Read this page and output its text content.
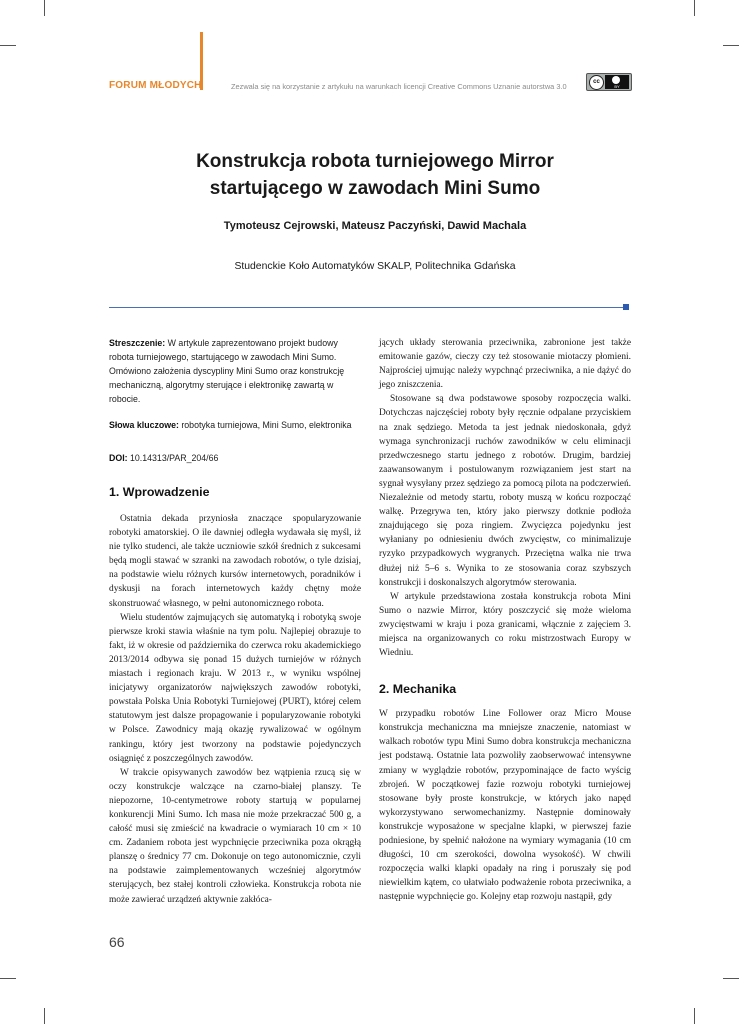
FORUM MŁODYCH	Zezwala się na korzystanie z artykułu na warunkach licencji Creative Commons Uznanie autorstwa 3.0	cc
BY
Konstrukcja robota turniejowego Mirror
startującego w zawodach Mini Sumo
Tymoteusz Cejrowski, Mateusz Paczyński, Dawid Machala
Studenckie Koło Automatyków SKALP, Politechnika Gdańska

Streszczenie: W artykule zaprezentowano projekt budowy robota turniejowego, startującego w zawodach Mini Sumo. Omówiono założenia dyscypliny Mini Sumo oraz konstrukcję mechaniczną, algorytmy sterujące i elektronikę zawartą w robocie.

Słowa kluczowe: robotyka turniejowa, Mini Sumo, elektronika

DOI: 10.14313/PAR_204/66

1. Wprowadzenie

Ostatnia dekada przyniosła znaczące spopularyzowanie robotyki amatorskiej. O ile dawniej odległa wydawała się myśl, iż nie tylko studenci, ale także uczniowie szkół średnich z sukcesami będą mogli stawać w szranki na zawodach robotów, o tyle dzisiaj, na podstawie wielu różnych kursów internetowych, poradników i dyskusji na forach internetowych każdy chętny może skonstruować własnego, w pełni autonomicznego robota.

Wielu studentów zajmujących się automatyką i robotyką swoje pierwsze kroki stawia właśnie na tym polu. Najlepiej obrazuje to fakt, iż w okresie od października do czerwca roku akademickiego 2013/2014 odbywa się ponad 15 dużych turniejów w różnych miastach i regionach kraju. W 2013 r., w wyniku wspólnej inicjatywy organizatorów największych zawodów robotyki, powstała Polska Unia Robotyki Turniejowej (PURT), której celem statutowym jest dalsze propagowanie i popularyzowanie robotyki w Polsce. Zawodnicy mają okazję rywalizować w ogólnym rankingu, który jest tworzony na podstawie pojedynczych osiągnięć z poszczególnych zawodów.

W trakcie opisywanych zawodów bez wątpienia rzucą się w oczy konstrukcje walczące na czarno-białej planszy. Te niepozorne, 10-centymetrowe roboty startują w popularnej konkurencji Mini Sumo. Ich masa nie może przekraczać 500 g, a całość musi się zmieścić na kwadracie o wymiarach 10 cm × 10 cm. Zadaniem robota jest wypchnięcie przeciwnika poza okrągłą planszę o średnicy 77 cm. Dokonuje on tego autonomicznie, czyli na podstawie zaimplementowanych wcześniej algorytmów sterujących, bez stałej kontroli człowieka. Konstrukcja robota nie może zawierać urządzeń aktywnie zakłóca-

jących układy sterowania przeciwnika, zabronione jest także emitowanie gazów, cieczy czy też stosowanie miotaczy płomieni. Najprościej ujmując należy wypchnąć przeciwnika, a nie dążyć do jego zniszczenia.

Stosowane są dwa podstawowe sposoby rozpoczęcia walki. Dotychczas najczęściej roboty były ręcznie odpalane przyciskiem na znak sędziego. Metoda ta jest jednak niedoskonała, gdyż wymaga synchronizacji ruchów zawodników w celu eliminacji przedwczesnego startu jednego z robotów. Drugim, bardziej zaawansowanym i postulowanym rozwiązaniem jest start na sygnał wysyłany przez sędziego za pomocą pilota na podczerwień. Niezależnie od metody startu, roboty muszą w końcu rozpocząć walkę. Przegrywa ten, który jako pierwszy dotknie podłoża znajdującego się poza ringiem. Zwycięzca pojedynku jest wyłaniany po odniesieniu dwóch zwycięstw, co minimalizuje ryzyko przypadkowych wygranych. Przeciętna walka nie trwa dłużej niż 5–6 s. Wynika to ze stosowania coraz szybszych konstrukcji i doskonalszych algorytmów sterowania.

W artykule przedstawiona została konstrukcja robota Mini Sumo o nazwie Mirror, który poszczycić się może wieloma zwycięstwami w kraju i poza granicami, włącznie z zajęciem 3. miejsca na organizowanych co roku mistrzostwach Europy w Wiedniu.

2. Mechanika

W przypadku robotów Line Follower oraz Micro Mouse konstrukcja mechaniczna ma mniejsze znaczenie, natomiast w walkach robotów typu Mini Sumo dobra konstrukcja mechaniczna jest podstawą. Ostatnie lata pozwoliły zaobserwować intensywne zmiany w wyglądzie robotów, przypominające de facto wyścig zbrojeń. W początkowej fazie rozwoju robotyki turniejowej stosowane były proste konstrukcje, w których jako napęd wykorzystywano serwomechanizmy. Następnie dominowały konstrukcje wyposażone w specjalne klapki, w pierwszej fazie podniesione, by spełnić nałożone na wymiary wymagania (10 cm długości, 10 cm szerokości, dowolna wysokość). W chwili rozpoczęcia walki klapki opadały na ring i poruszały się pod niewielkim kątem, co ułatwiało podważenie robota przeciwnika, a następnie wypchnięcie go. Kolejny etap rozwoju nastąpił, gdy

66
